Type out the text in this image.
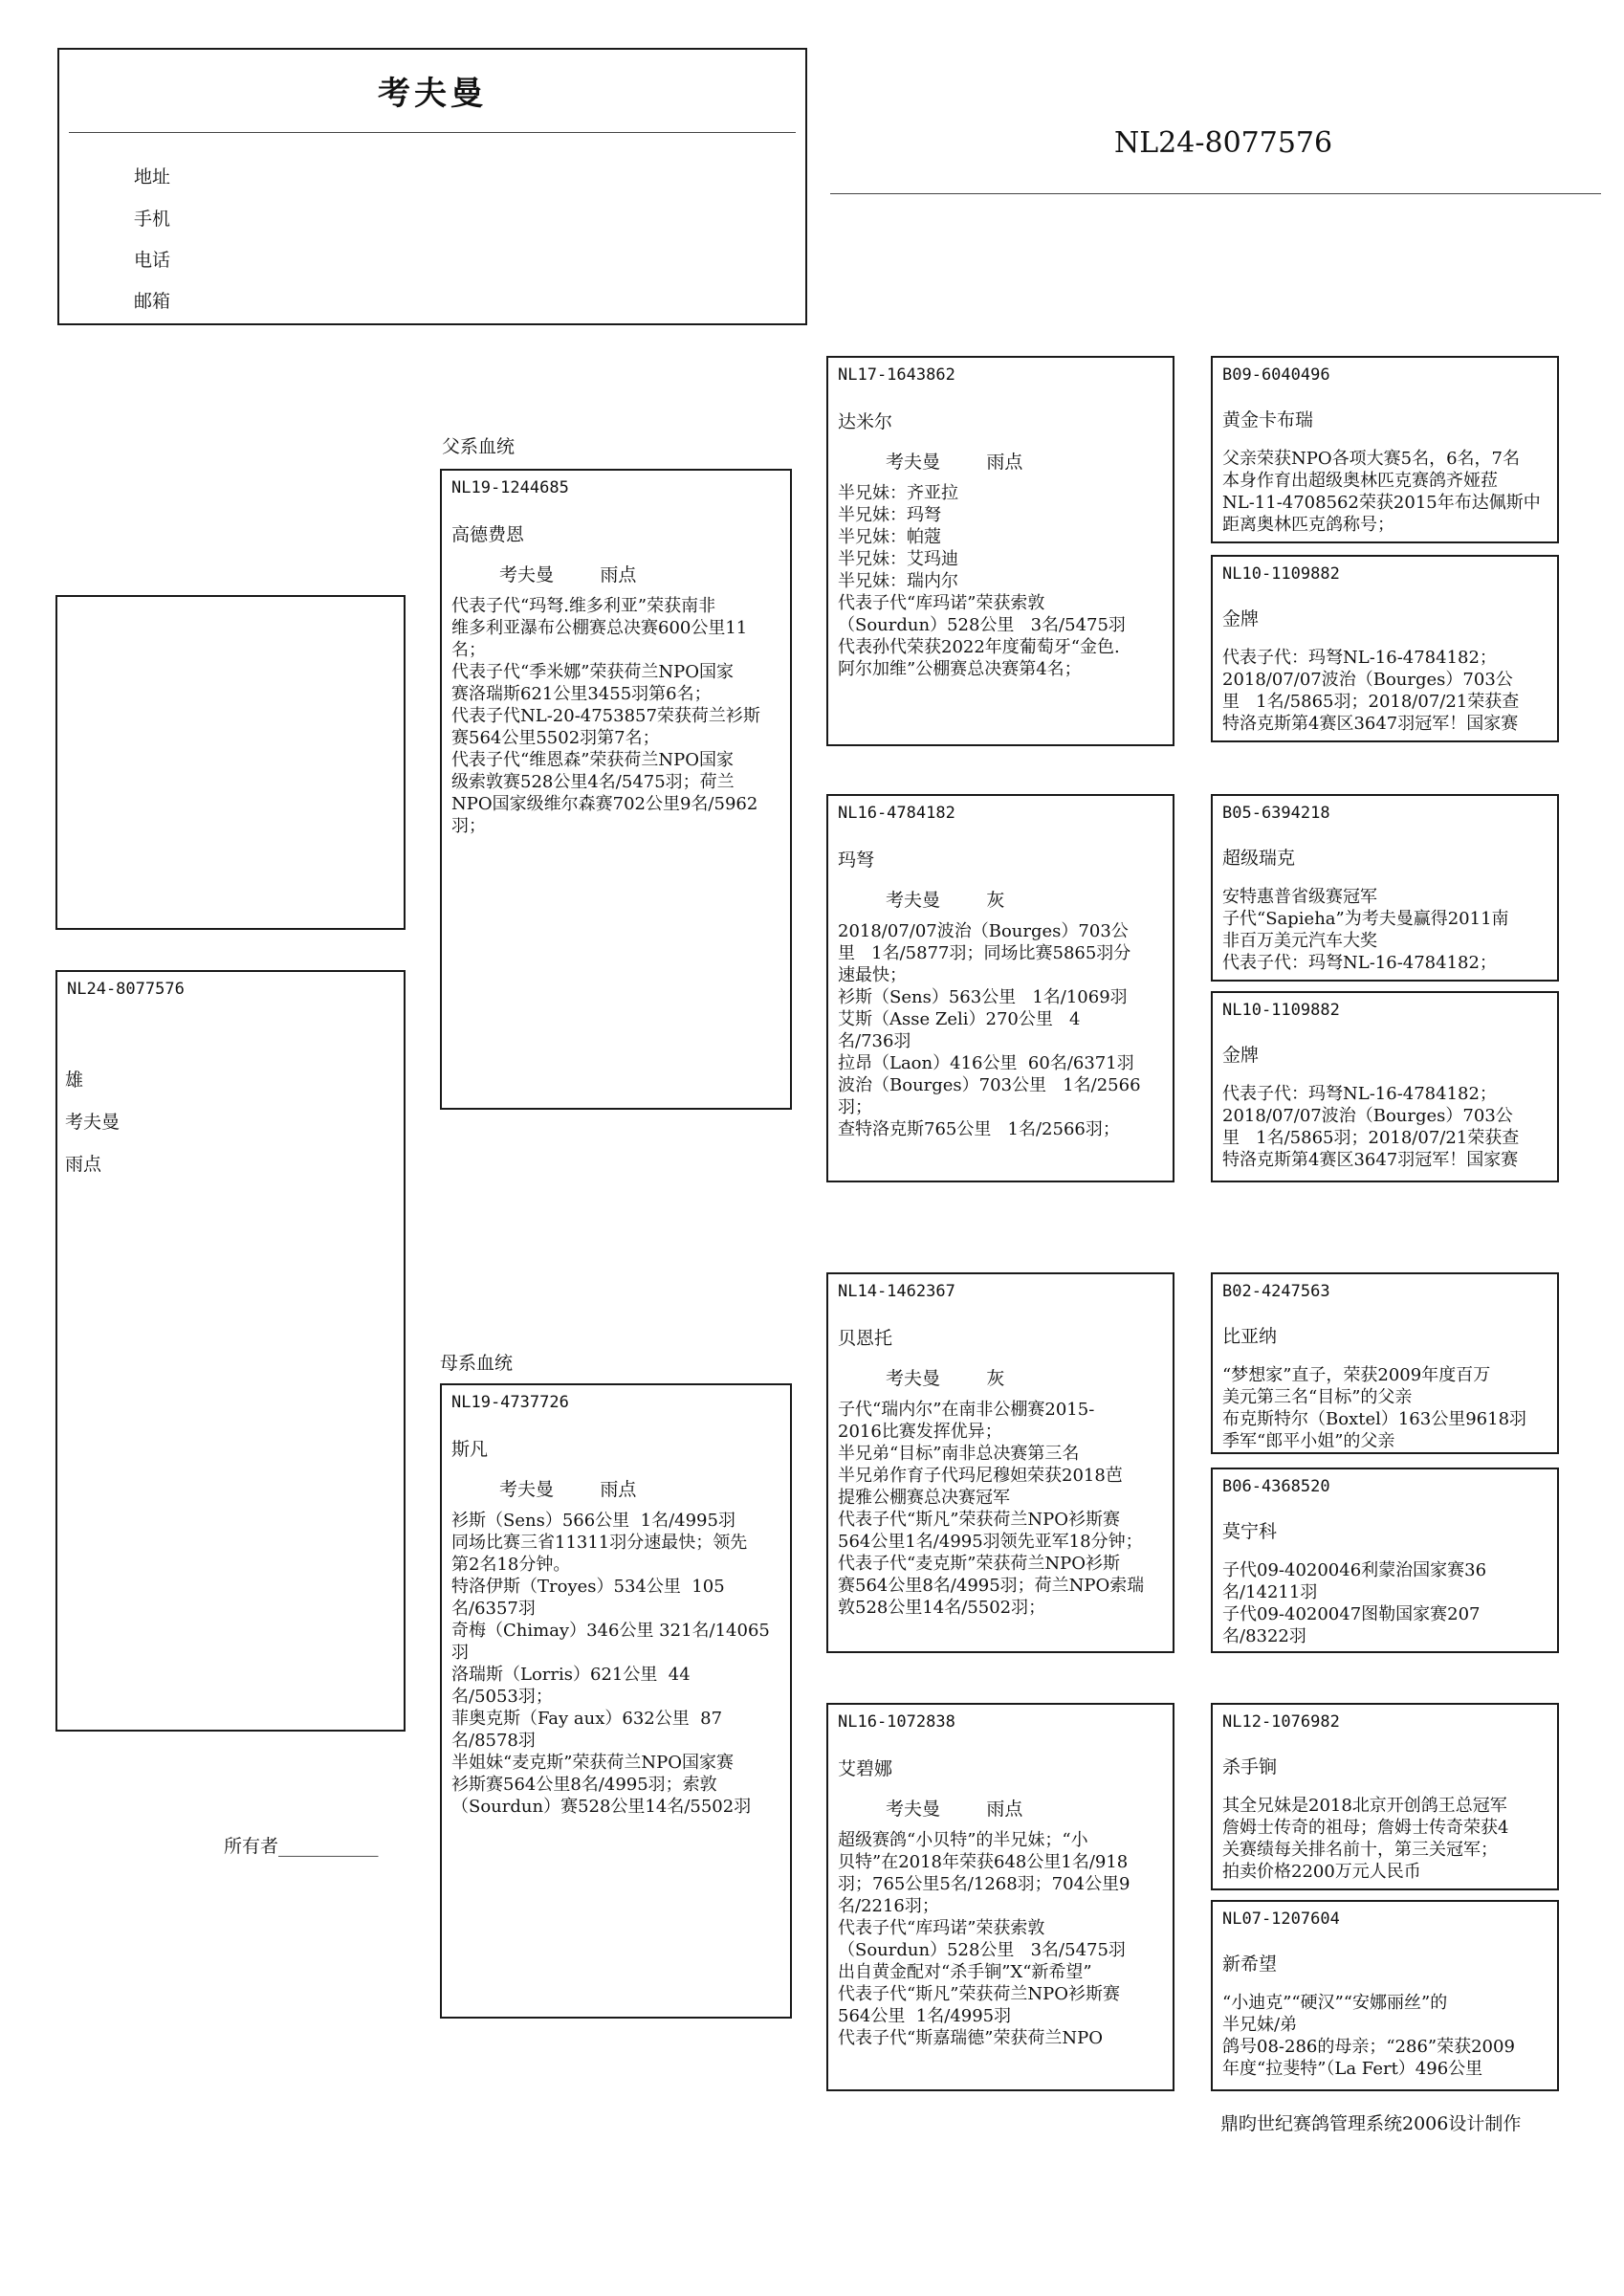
考夫曼
地址
手机
电话
邮箱
NL24-8077576
NL24-8077576
雄
考夫曼
雨点
所有者___________
父系血统
母系血统
NL19-1244685
高德费恩
考夫曼        雨点
代表子代“玛弩.维多利亚”荣获南非
维多利亚瀑布公棚赛总决赛600公里11
名；
代表子代“季米娜”荣获荷兰NPO国家
赛洛瑞斯621公里3455羽第6名；
代表子代NL-20-4753857荣获荷兰衫斯
赛564公里5502羽第7名；
代表子代“维恩森”荣获荷兰NPO国家
级索敦赛528公里4名/5475羽；荷兰
NPO国家级维尔森赛702公里9名/5962
羽；
NL19-4737726
斯凡
考夫曼        雨点
衫斯（Sens）566公里  1名/4995羽
同场比赛三省11311羽分速最快；领先
第2名18分钟。
特洛伊斯（Troyes）534公里  105
名/6357羽
奇梅（Chimay）346公里 321名/14065
羽
洛瑞斯（Lorris）621公里  44
名/5053羽；
菲奥克斯（Fay aux）632公里  87
名/8578羽
半姐妹“麦克斯”荣获荷兰NPO国家赛
衫斯赛564公里8名/4995羽；索敦
（Sourdun）赛528公里14名/5502羽
NL17-1643862
达米尔
考夫曼        雨点
半兄妹：齐亚拉
半兄妹：玛弩
半兄妹：帕蔻
半兄妹：艾玛迪
半兄妹：瑞内尔
代表子代“库玛诺”荣获索敦
（Sourdun）528公里   3名/5475羽
代表孙代荣获2022年度葡萄牙“金色.
阿尔加维”公棚赛总决赛第4名；
NL16-4784182
玛弩
考夫曼        灰
2018/07/07波治（Bourges）703公
里   1名/5877羽；同场比赛5865羽分
速最快；
衫斯（Sens）563公里   1名/1069羽
艾斯（Asse Zeli）270公里   4
名/736羽
拉昂（Laon）416公里  60名/6371羽
波治（Bourges）703公里   1名/2566
羽；
查特洛克斯765公里   1名/2566羽；
NL14-1462367
贝恩托
考夫曼        灰
子代“瑞内尔”在南非公棚赛2015-
2016比赛发挥优异；
半兄弟“目标”南非总决赛第三名
半兄弟作育子代玛尼穆妲荣获2018芭
提雅公棚赛总决赛冠军
代表子代“斯凡”荣获荷兰NPO衫斯赛
564公里1名/4995羽领先亚军18分钟；
代表子代“麦克斯”荣获荷兰NPO衫斯
赛564公里8名/4995羽；荷兰NPO索瑞
敦528公里14名/5502羽；
NL16-1072838
艾碧娜
考夫曼        雨点
超级赛鸽“小贝特”的半兄妹；“小
贝特”在2018年荣获648公里1名/918
羽；765公里5名/1268羽；704公里9
名/2216羽；
代表子代“库玛诺”荣获索敦
（Sourdun）528公里   3名/5475羽
出自黄金配对“杀手锏”X“新希望”
代表子代“斯凡”荣获荷兰NPO衫斯赛
564公里  1名/4995羽
代表子代“斯嘉瑞德”荣获荷兰NPO
B09-6040496
黄金卡布瑞
父亲荣获NPO各项大赛5名，6名，7名
本身作育出超级奥林匹克赛鸽齐娅菈
NL-11-4708562荣获2015年布达佩斯中
距离奥林匹克鸽称号；
NL10-1109882
金牌
代表子代：玛弩NL-16-4784182；
2018/07/07波治（Bourges）703公
里   1名/5865羽；2018/07/21荣获查
特洛克斯第4赛区3647羽冠军！国家赛
B05-6394218
超级瑞克
安特惠普省级赛冠军
子代“Sapieha”为考夫曼赢得2011南
非百万美元汽车大奖
代表子代：玛弩NL-16-4784182；
NL10-1109882
金牌
代表子代：玛弩NL-16-4784182；
2018/07/07波治（Bourges）703公
里   1名/5865羽；2018/07/21荣获查
特洛克斯第4赛区3647羽冠军！国家赛
B02-4247563
比亚纳
“梦想家”直子，荣获2009年度百万
美元第三名“目标”的父亲
布克斯特尔（Boxtel）163公里9618羽
季军“郎平小姐”的父亲
B06-4368520
莫宁科
子代09-4020046利蒙治国家赛36
名/14211羽
子代09-4020047图勒国家赛207
名/8322羽
NL12-1076982
杀手锏
其全兄妹是2018北京开创鸽王总冠军
詹姆士传奇的祖母；詹姆士传奇荣获4
关赛绩每关排名前十，第三关冠军；
拍卖价格2200万元人民币
NL07-1207604
新希望
“小迪克”“硬汉”“安娜丽丝”的
半兄妹/弟
鸽号08-286的母亲；“286”荣获2009
年度“拉斐特”（La Fert）496公里
鼎昀世纪赛鸽管理系统2006设计制作
